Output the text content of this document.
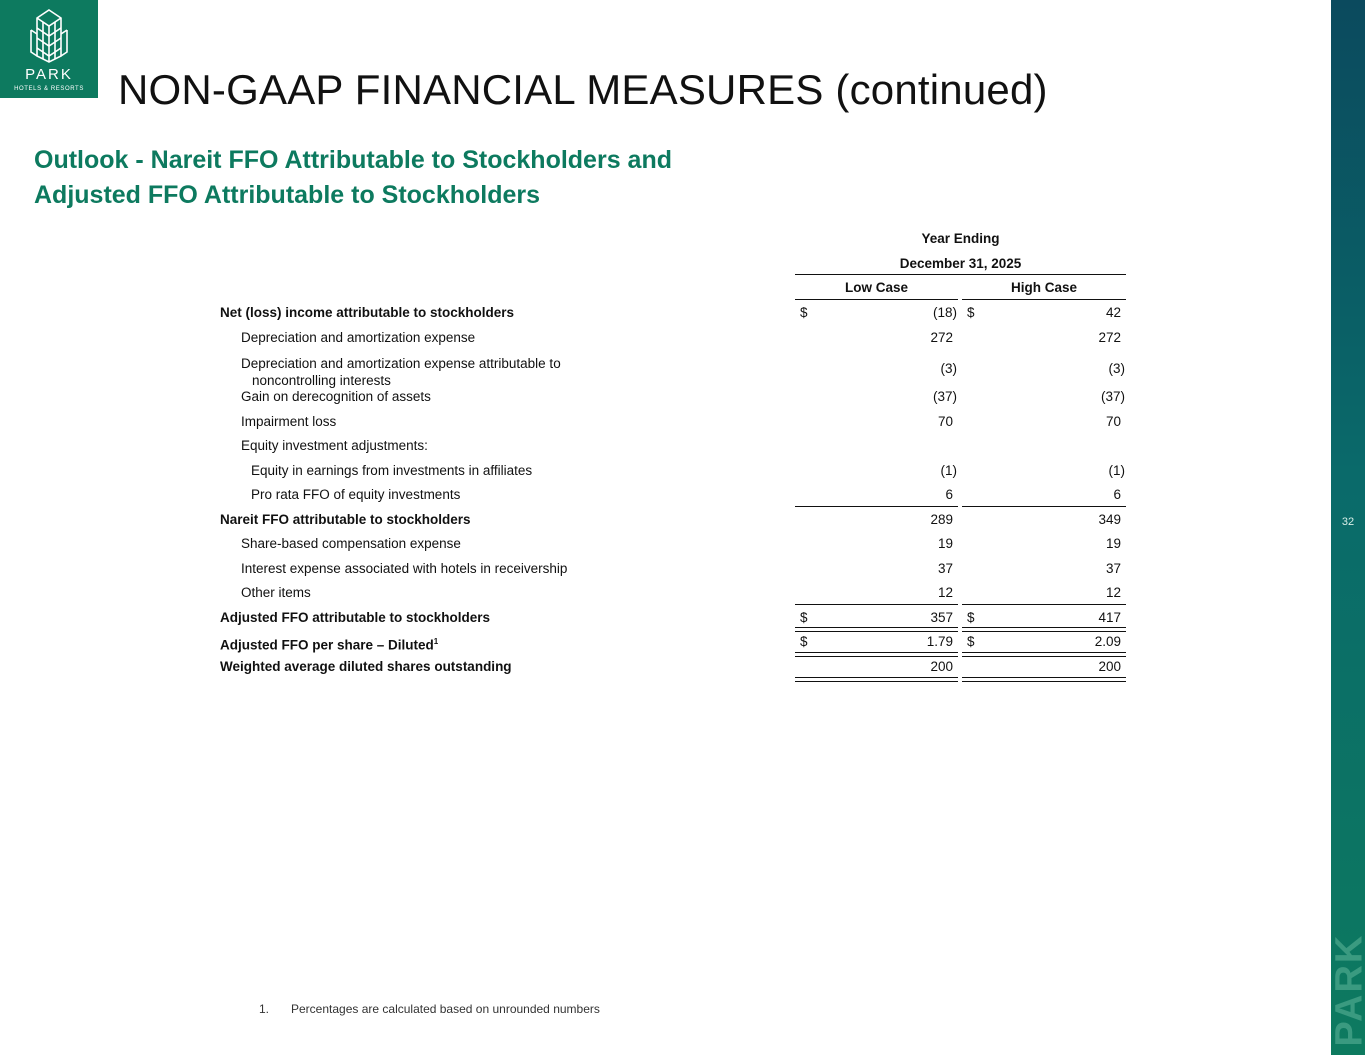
PARK
HOTELS & RESORTS NON-GAAP FINANCIAL MEASURES (continued)
Outlook - Nareit FFO Attributable to Stockholders and
Adjusted FFO Attributable to Stockholders
32
PARK
Year Ending
December 31, 2025
Low Case	High Case
Net (loss) income attributable to stockholders	$	(18) $	42
Depreciation and amortization expense	272	272
Depreciation and amortization expense attributable to
noncontrolling interests
(3)	(3)
Gain on derecognition of assets	(37)	(37)
Impairment loss	70	70
Equity investment adjustments:
Equity in earnings from investments in affiliates	(1)	(1)
Pro rata FFO of equity investments	6	6
Nareit FFO attributable to stockholders	289	349
Share-based compensation expense	19	19
Interest expense associated with hotels in receivership	37	37
Other items	12	12
Adjusted FFO attributable to stockholders	$	357 $	417
Adjusted FFO per share – Diluted$^1$	$	1.79 $	2.09
Weighted average diluted shares outstanding	200	200
1. Percentages are calculated based on unrounded numbers
